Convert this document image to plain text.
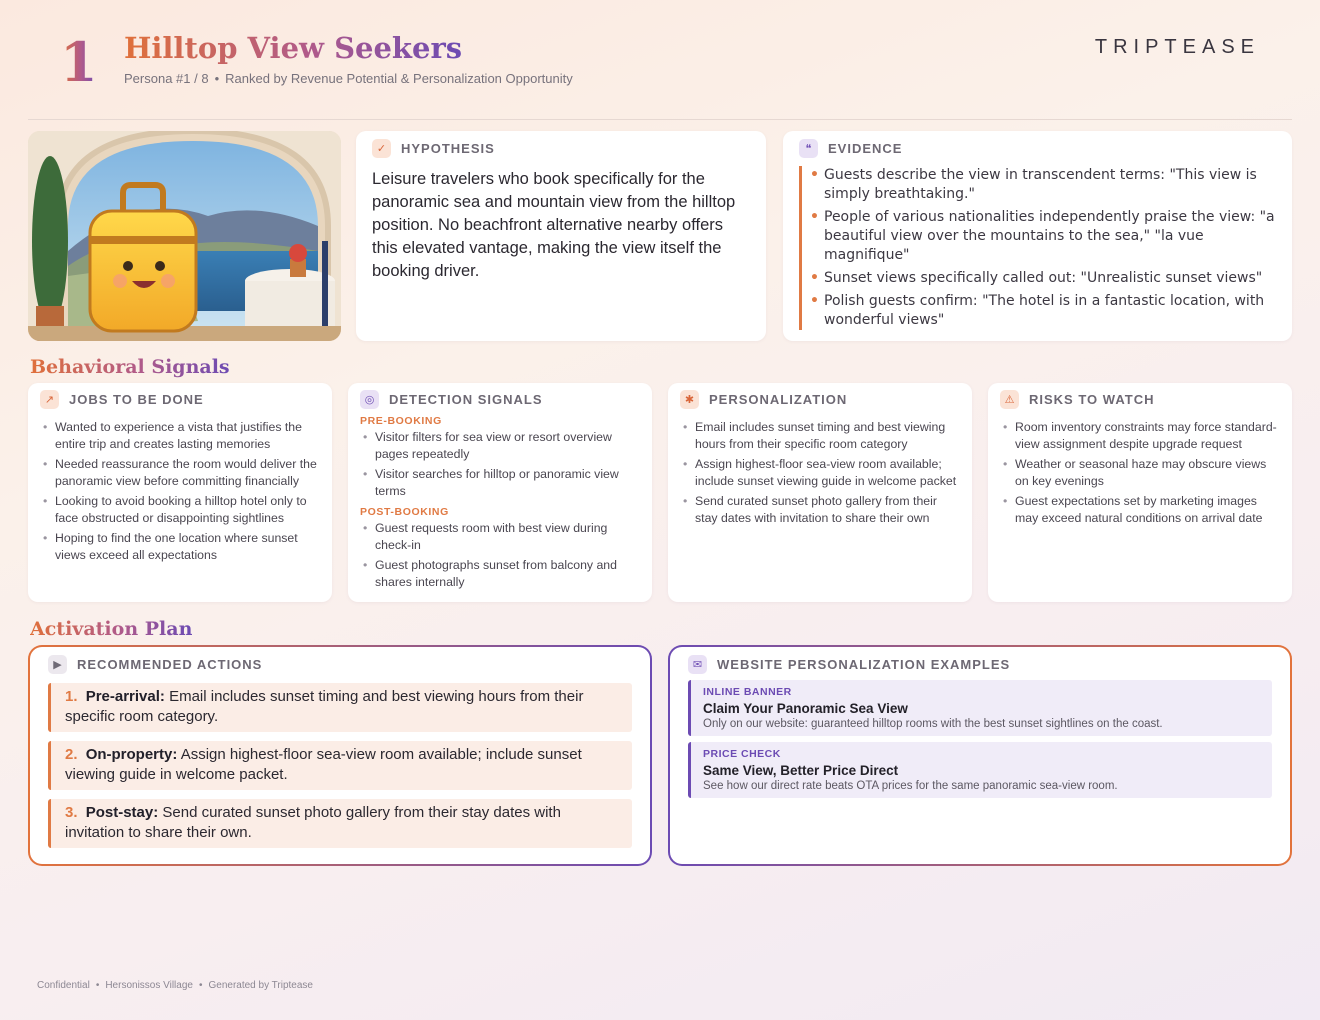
1 Hilltop View Seekers
Persona #1 / 8 • Ranked by Revenue Potential & Personalization Opportunity
TRIPTEASE
✓	HYPOTHESIS
Leisure travelers who book specifically for the panoramic sea and mountain view from the hilltop position. No beachfront alternative nearby offers this elevated vantage, making the view itself the booking driver.
❝	EVIDENCE
• Guests describe the view in transcendent terms: "This view is simply breathtaking."
• People of various nationalities independently praise the view: "a beautiful view over the mountains to the sea," "la vue magnifique"
• Sunset views specifically called out: "Unrealistic sunset views"
• Polish guests confirm: "The hotel is in a fantastic location, with wonderful views"
Behavioral Signals
↗	JOBS TO BE DONE
• Wanted to experience a vista that justifies the entire trip and creates lasting memories
• Needed reassurance the room would deliver the panoramic view before committing financially
• Looking to avoid booking a hilltop hotel only to face obstructed or disappointing sightlines
• Hoping to find the one location where sunset views exceed all expectations
◎	DETECTION SIGNALS
PRE-BOOKING
• Visitor filters for sea view or resort overview pages repeatedly
• Visitor searches for hilltop or panoramic view terms
POST-BOOKING
• Guest requests room with best view during check-in
• Guest photographs sunset from balcony and shares internally
✱	PERSONALIZATION
• Email includes sunset timing and best viewing hours from their specific room category
• Assign highest-floor sea-view room available; include sunset viewing guide in welcome packet
• Send curated sunset photo gallery from their stay dates with invitation to share their own
⚠	RISKS TO WATCH
• Room inventory constraints may force standard-view assignment despite upgrade request
• Weather or seasonal haze may obscure views on key evenings
• Guest expectations set by marketing images may exceed natural conditions on arrival date
Activation Plan
▶	RECOMMENDED ACTIONS
1. Pre-arrival: Email includes sunset timing and best viewing hours from their specific room category.
2. On-property: Assign highest-floor sea-view room available; include sunset viewing guide in welcome packet.
3. Post-stay: Send curated sunset photo gallery from their stay dates with invitation to share their own.
✉	WEBSITE PERSONALIZATION EXAMPLES
INLINE BANNER
Claim Your Panoramic Sea View
Only on our website: guaranteed hilltop rooms with the best sunset sightlines on the coast.
PRICE CHECK
Same View, Better Price Direct
See how our direct rate beats OTA prices for the same panoramic sea-view room.
Confidential • Hersonissos Village • Generated by Triptease
